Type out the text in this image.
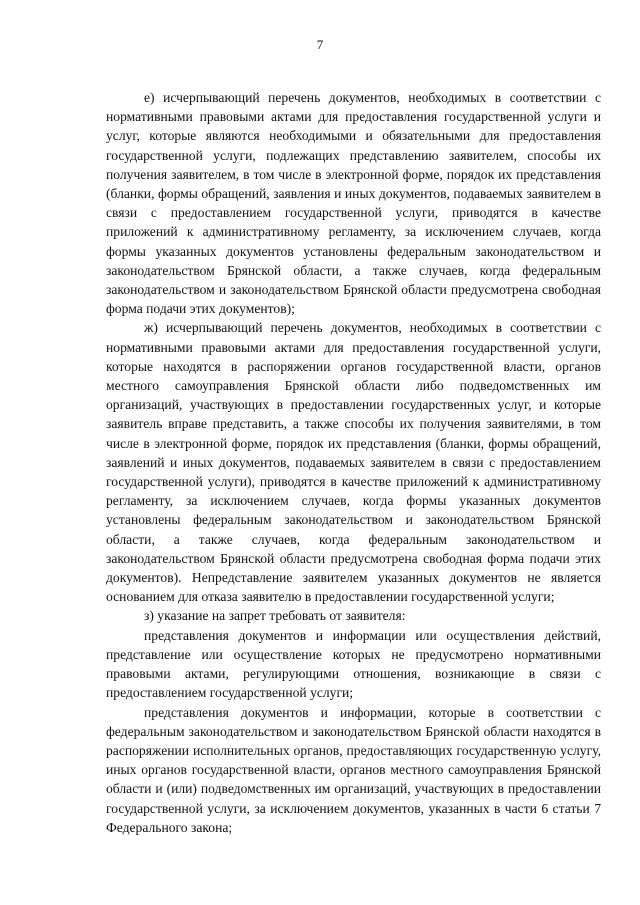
7

е) исчерпывающий перечень документов, необходимых в соответствии с нормативными правовыми актами для предоставления государственной услуги и услуг, которые являются необходимыми и обязательными для предоставления государственной услуги, подлежащих представлению заявителем, способы их получения заявителем, в том числе в электронной форме, порядок их представления (бланки, формы обращений, заявления и иных документов, подаваемых заявителем в связи с предоставлением государственной услуги, приводятся в качестве приложений к административному регламенту, за исключением случаев, когда формы указанных документов установлены федеральным законодательством и законодательством Брянской области, а также случаев, когда федеральным законодательством и законодательством Брянской области предусмотрена свободная форма подачи этих документов);

ж) исчерпывающий перечень документов, необходимых в соответствии с нормативными правовыми актами для предоставления государственной услуги, которые находятся в распоряжении органов государственной власти, органов местного самоуправления Брянской области либо подведомственных им организаций, участвующих в предоставлении государственных услуг, и которые заявитель вправе представить, а также способы их получения заявителями, в том числе в электронной форме, порядок их представления (бланки, формы обращений, заявлений и иных документов, подаваемых заявителем в связи с предоставлением государственной услуги), приводятся в качестве приложений к административному регламенту, за исключением случаев, когда формы указанных документов установлены федеральным законодательством и законодательством Брянской области, а также случаев, когда федеральным законодательством и законодательством Брянской области предусмотрена свободная форма подачи этих документов). Непредставление заявителем указанных документов не является основанием для отказа заявителю в предоставлении государственной услуги;

з) указание на запрет требовать от заявителя:

представления документов и информации или осуществления действий, представление или осуществление которых не предусмотрено нормативными правовыми актами, регулирующими отношения, возникающие в связи с предоставлением государственной услуги;

представления документов и информации, которые в соответствии с федеральным законодательством и законодательством Брянской области находятся в распоряжении исполнительных органов, предоставляющих государственную услугу, иных органов государственной власти, органов местного самоуправления Брянской области и (или) подведомственных им организаций, участвующих в предоставлении государственной услуги, за исключением документов, указанных в части 6 статьи 7 Федерального закона;
